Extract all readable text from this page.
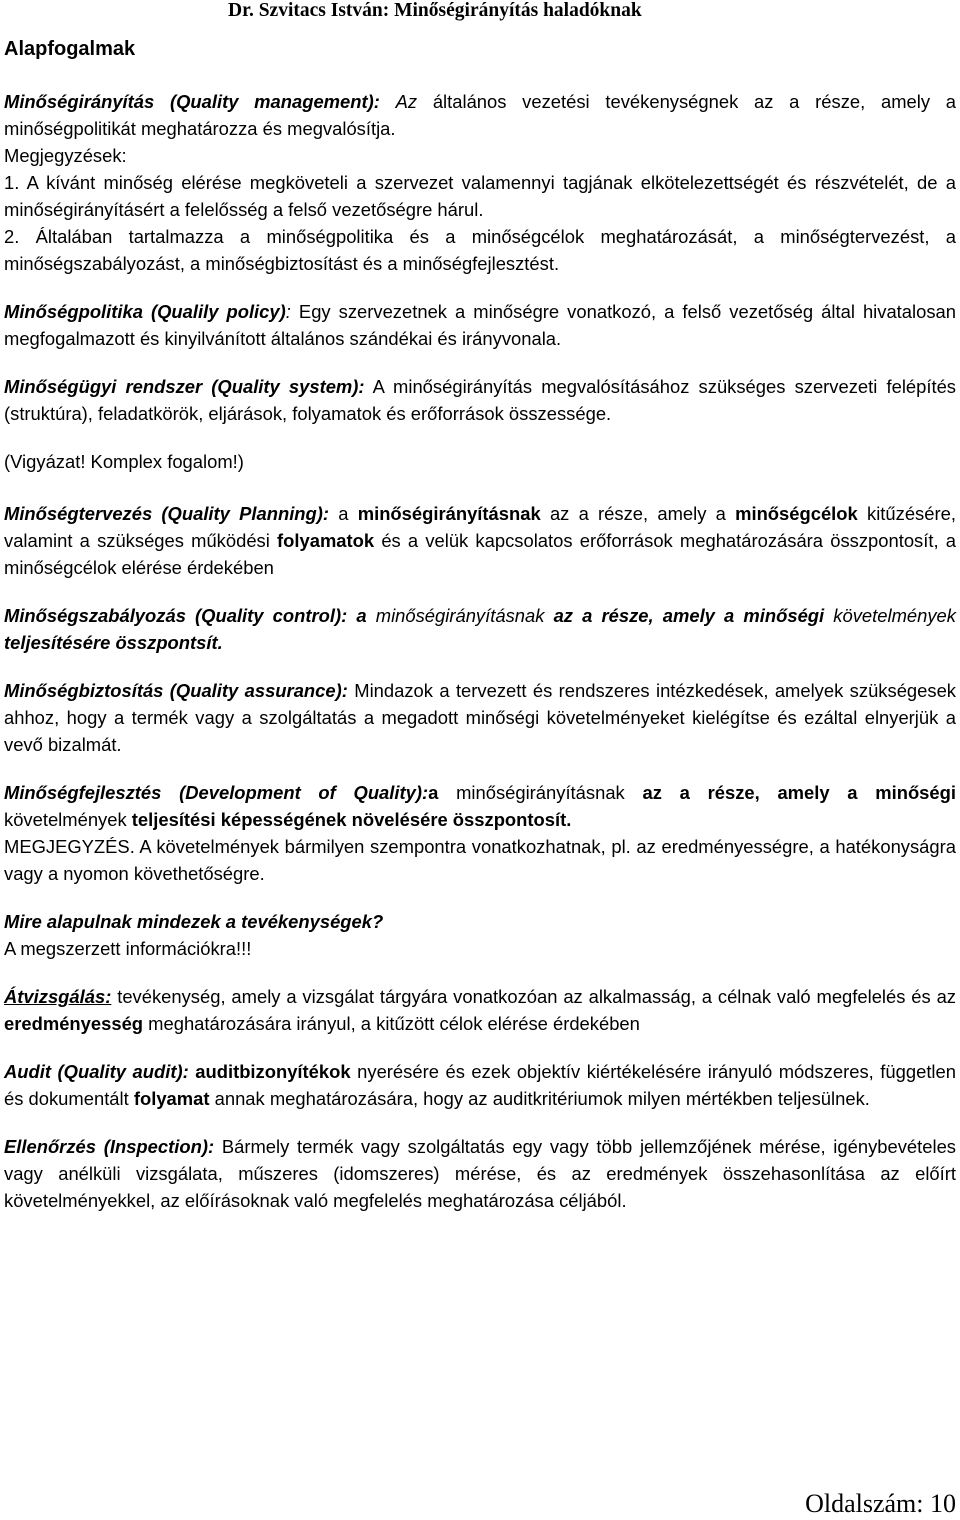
Dr. Szvitacs István: Minőségirányítás haladóknak
Alapfogalmak

Minőségirányítás (Quality management): Az általános vezetési tevékenységnek az a része, amely a minőségpolitikát meghatározza és megvalósítja.

Megjegyzések:

1. A kívánt minőség elérése megköveteli a szervezet valamennyi tagjának elkötelezettségét és részvételét, de a minőségirányításért a felelősség a felső vezetőségre hárul.

2. Általában tartalmazza a minőségpolitika és a minőségcélok meghatározását, a minőségtervezést, a minőségszabályozást, a minőségbiztosítást és a minőségfejlesztést.

Minőségpolitika (Qualily policy): Egy szervezetnek a minőségre vonatkozó, a felső vezetőség által hivatalosan megfogalmazott és kinyilvánított általános szándékai és irányvonala.

Minőségügyi rendszer (Quality system): A minőségirányítás megvalósításához szükséges szervezeti felépítés (struktúra), feladatkörök, eljárások, folyamatok és erőforrások összessége.

(Vigyázat! Komplex fogalom!)

Minőségtervezés (Quality Planning): a minőségirányításnak az a része, amely a minőségcélok kitűzésére, valamint a szükséges működési folyamatok és a velük kapcsolatos erőforrások meghatározására összpontosít, a minőségcélok elérése érdekében

Minőségszabályozás (Quality control): a minőségirányításnak az a része, amely a minőségi követelmények teljesítésére összpontsít.

Minőségbiztosítás (Quality assurance): Mindazok a tervezett és rendszeres intézkedések, amelyek szükségesek ahhoz, hogy a termék vagy a szolgáltatás a megadott minőségi követelményeket kielégítse és ezáltal elnyerjük a vevő bizalmát.

Minőségfejlesztés (Development of Quality):a minőségirányításnak az a része, amely a minőségi követelmények teljesítési képességének növelésére összpontosít.

MEGJEGYZÉS. A követelmények bármilyen szempontra vonatkozhatnak, pl. az eredményességre, a hatékonyságra vagy a nyomon követhetőségre.

Mire alapulnak mindezek a tevékenységek?

A megszerzett információkra!!!

Átvizsgálás: tevékenység, amely a vizsgálat tárgyára vonatkozóan az alkalmasság, a célnak való megfelelés és az eredményesség meghatározására irányul, a kitűzött célok elérése érdekében

Audit (Quality audit): auditbizonyítékok nyerésére és ezek objektív kiértékelésére irányuló módszeres, független és dokumentált folyamat annak meghatározására, hogy az auditkritériumok milyen mértékben teljesülnek.

Ellenőrzés (Inspection): Bármely termék vagy szolgáltatás egy vagy több jellemzőjének mérése, igénybevételes vagy anélküli vizsgálata, műszeres (idomszeres) mérése, és az eredmények összehasonlítása az előírt követelményekkel, az előírásoknak való megfelelés meghatározása céljából.

Oldalszám: 10
